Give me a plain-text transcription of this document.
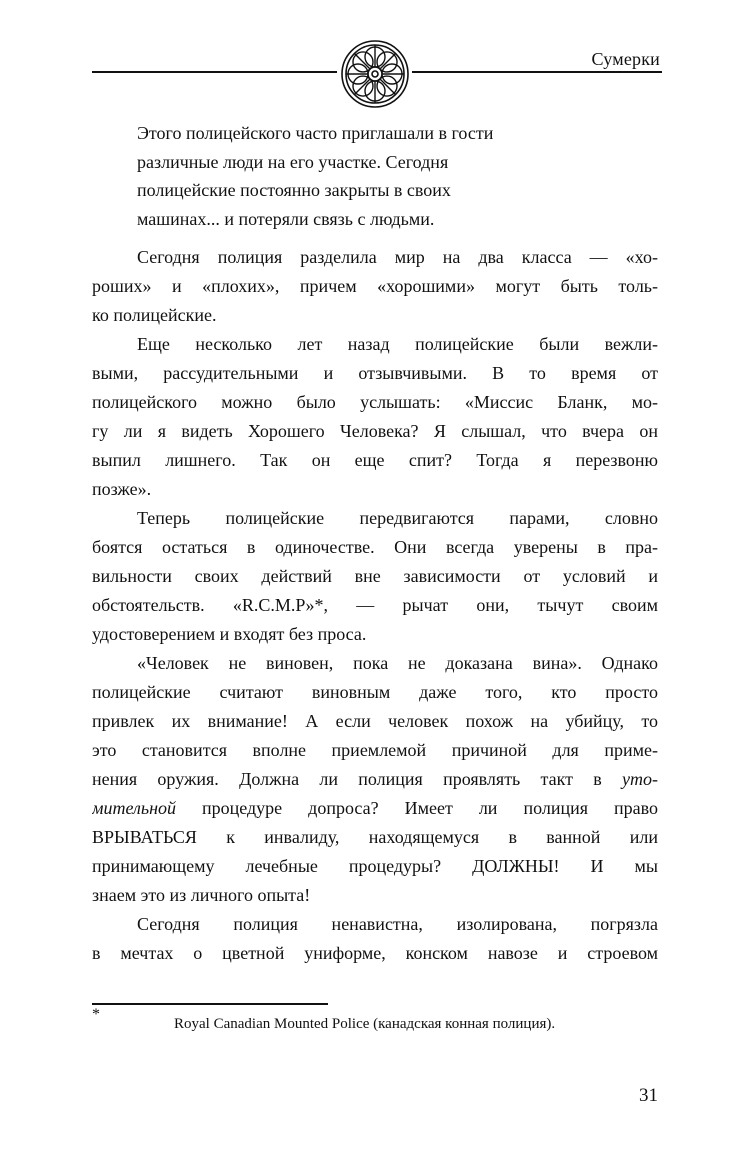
Сумерки
Этого полицейского часто приглашали в гости
различные люди на его участке. Сегодня
полицейские постоянно закрыты в своих
машинах... и потеряли связь с людьми.
Сегодня полиция разделила мир на два класса — «хо-
роших» и «плохих», причем «хорошими» могут быть толь-
ко полицейские.
Еще несколько лет назад полицейские были вежли-
выми, рассудительными и отзывчивыми. В то время от
полицейского можно было услышать: «Миссис Бланк, мо-
гу ли я видеть Хорошего Человека? Я слышал, что вчера он
выпил лишнего. Так он еще спит? Тогда я перезвоню
позже».
Теперь полицейские передвигаются парами, словно
боятся остаться в одиночестве. Они всегда уверены в пра-
вильности своих действий вне зависимости от условий и
обстоятельств. «R.C.M.P»*, — рычат они, тычут своим
удостоверением и входят без проса.
«Человек не виновен, пока не доказана вина». Однако
полицейские считают виновным даже того, кто просто
привлек их внимание! А если человек похож на убийцу, то
это становится вполне приемлемой причиной для приме-
нения оружия. Должна ли полиция проявлять такт в уто-
мительной процедуре допроса? Имеет ли полиция право
ВРЫВАТЬСЯ к инвалиду, находящемуся в ванной или
принимающему лечебные процедуры? ДОЛЖНЫ! И мы
знаем это из личного опыта!
Сегодня полиция ненавистна, изолирована, погрязла
в мечтах о цветной униформе, конском навозе и строевом
*
Royal Canadian Mounted Police (канадская конная полиция).
31
